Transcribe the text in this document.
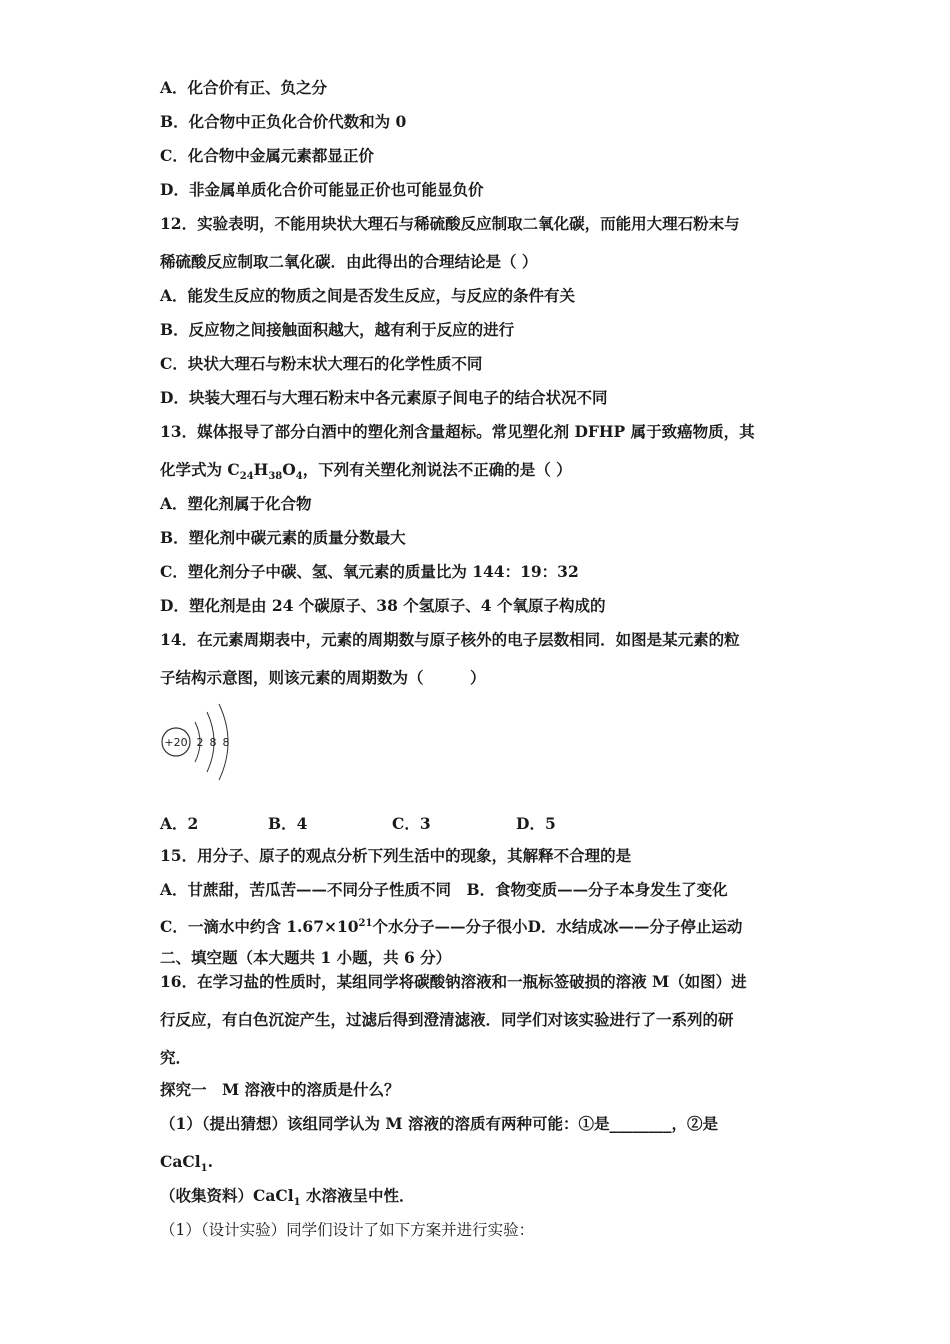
A．化合价有正、负之分
B．化合物中正负化合价代数和为 0
C．化合物中金属元素都显正价
D．非金属单质化合价可能显正价也可能显负价
12．实验表明，不能用块状大理石与稀硫酸反应制取二氧化碳，而能用大理石粉末与
稀硫酸反应制取二氧化碳．由此得出的合理结论是（ ）
A．能发生反应的物质之间是否发生反应，与反应的条件有关
B．反应物之间接触面积越大，越有利于反应的进行
C．块状大理石与粉末状大理石的化学性质不同
D．块装大理石与大理石粉末中各元素原子间电子的结合状况不同
13．媒体报导了部分白酒中的塑化剂含量超标。常见塑化剂 DFHP 属于致癌物质，其
化学式为 $C_{24}H_{38}O_4$，下列有关塑化剂说法不正确的是（ ）
A．塑化剂属于化合物
B．塑化剂中碳元素的质量分数最大
C．塑化剂分子中碳、氢、氧元素的质量比为 144：19：32
D．塑化剂是由 24 个碳原子、38 个氢原子、4 个氧原子构成的
14．在元素周期表中，元素的周期数与原子核外的电子层数相同．如图是某元素的粒
子结构示意图，则该元素的周期数为（　　　）
+20 2 8 8
A．2	B．4	C．3	D．5
15．用分子、原子的观点分析下列生活中的现象，其解释不合理的是
A．甘蔗甜，苦瓜苦——不同分子性质不同　B．食物变质——分子本身发生了变化
C．一滴水中约含 $1.67\times 10^{21}$个水分子——分子很小D．水结成冰——分子停止运动
二、填空题（本大题共 1 小题，共 6 分）
16．在学习盐的性质时，某组同学将碳酸钠溶液和一瓶标签破损的溶液 M（如图）进
行反应，有白色沉淀产生，过滤后得到澄清滤液．同学们对该实验进行了一系列的研
究．
探究一　M 溶液中的溶质是什么？
（1）（提出猜想）该组同学认为 M 溶液的溶质有两种可能：①是________，②是
CaCl$_1$.
（收集资料）CaCl$_1$ 水溶液呈中性．
（1）（设计实验）同学们设计了如下方案并进行实验：
